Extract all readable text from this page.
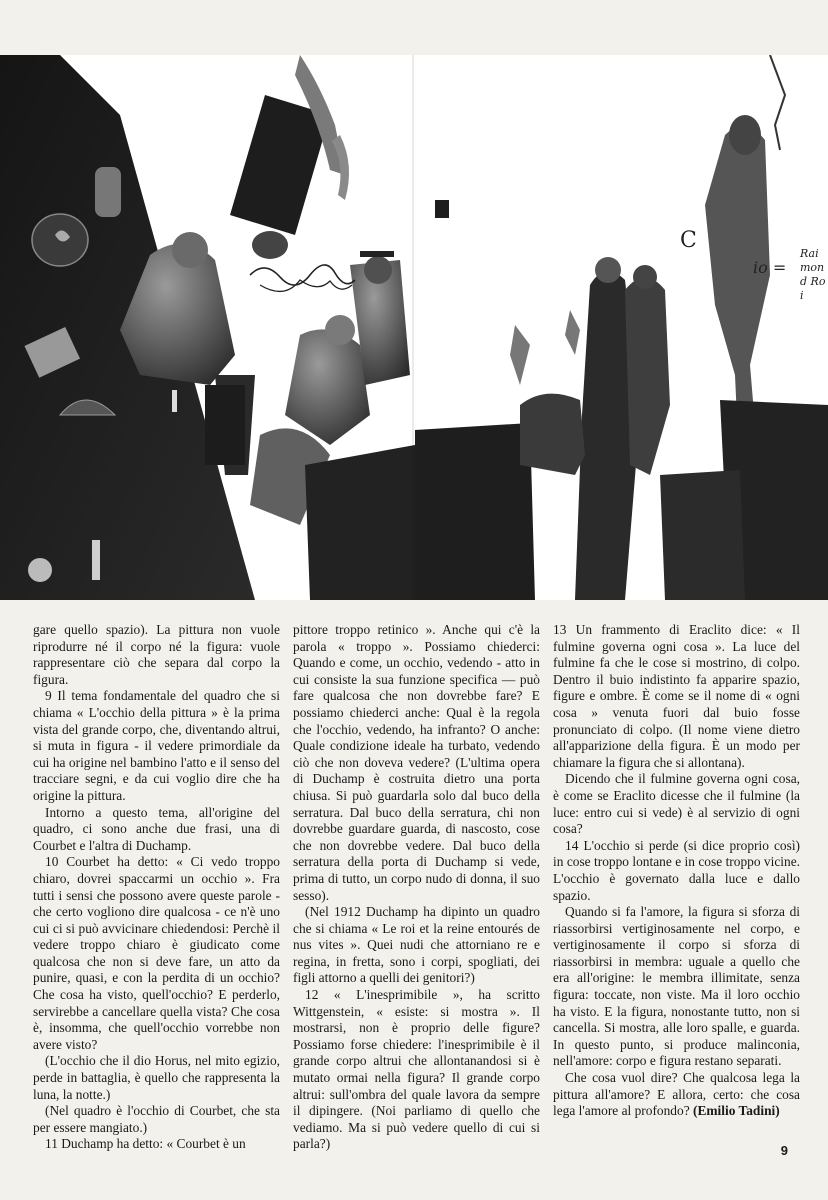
C
io =
Raimond Roi

gare quello spazio). La pittura non vuole riprodurre né il corpo né la figura: vuole rappresentare ciò che separa dal corpo la figura.

9 Il tema fondamentale del quadro che si chiama « L'occhio della pittura » è la prima vista del grande corpo, che, diventando altrui, si muta in figura - il vedere primordiale da cui ha origine nel bambino l'atto e il senso del tracciare segni, e da cui voglio dire che ha origine la pittura.

Intorno a questo tema, all'origine del quadro, ci sono anche due frasi, una di Courbet e l'altra di Duchamp.

10 Courbet ha detto: « Ci vedo troppo chiaro, dovrei spaccarmi un occhio ». Fra tutti i sensi che possono avere queste parole - che certo vogliono dire qualcosa - ce n'è uno cui ci si può avvicinare chiedendosi: Perchè il vedere troppo chiaro è giudicato come qualcosa che non si deve fare, un atto da punire, quasi, e con la perdita di un occhio? Che cosa ha visto, quell'occhio? E perderlo, servirebbe a cancellare quella vista? Che cosa è, insomma, che quell'occhio vorrebbe non avere visto?

(L'occhio che il dio Horus, nel mito egizio, perde in battaglia, è quello che rappresenta la luna, la notte.)

(Nel quadro è l'occhio di Courbet, che sta per essere mangiato.)

11 Duchamp ha detto: « Courbet è un

pittore troppo retinico ». Anche qui c'è la parola « troppo ». Possiamo chiederci: Quando e come, un occhio, vedendo - atto in cui consiste la sua funzione specifica — può fare qualcosa che non dovrebbe fare? E possiamo chiederci anche: Qual è la regola che l'occhio, vedendo, ha infranto? O anche: Quale condizione ideale ha turbato, vedendo ciò che non doveva vedere? (L'ultima opera di Duchamp è costruita dietro una porta chiusa. Si può guardarla solo dal buco della serratura. Dal buco della serratura, chi non dovrebbe guardare guarda, di nascosto, cose che non dovrebbe vedere. Dal buco della serratura della porta di Duchamp si vede, prima di tutto, un corpo nudo di donna, il suo sesso).

(Nel 1912 Duchamp ha dipinto un quadro che si chiama « Le roi et la reine entourés de nus vites ». Quei nudi che attorniano re e regina, in fretta, sono i corpi, spogliati, dei figli attorno a quelli dei genitori?)

12 « L'inesprimibile », ha scritto Wittgenstein, « esiste: si mostra ». Il mostrarsi, non è proprio delle figure? Possiamo forse chiedere: l'inesprimibile è il grande corpo altrui che allontanandosi si è mutato ormai nella figura? Il grande corpo altrui: sull'ombra del quale lavora da sempre il dipingere. (Noi parliamo di quello che vediamo. Ma si può vedere quello di cui si parla?)

13 Un frammento di Eraclito dice: « Il fulmine governa ogni cosa ». La luce del fulmine fa che le cose si mostrino, di colpo. Dentro il buio indistinto fa apparire spazio, figure e ombre. È come se il nome di « ogni cosa » venuta fuori dal buio fosse pronunciato di colpo. (Il nome viene dietro all'apparizione della figura. È un modo per chiamare la figura che si allontana).

Dicendo che il fulmine governa ogni cosa, è come se Eraclito dicesse che il fulmine (la luce: entro cui si vede) è al servizio di ogni cosa?

14 L'occhio si perde (si dice proprio così) in cose troppo lontane e in cose troppo vicine. L'occhio è governato dalla luce e dallo spazio.

Quando si fa l'amore, la figura si sforza di riassorbirsi vertiginosamente nel corpo, e vertiginosamente il corpo si sforza di riassorbirsi in membra: uguale a quello che era all'origine: le membra illimitate, senza figura: toccate, non viste. Ma il loro occhio ha visto. E la figura, nonostante tutto, non si cancella. Si mostra, alle loro spalle, e guarda. In questo punto, si produce malinconia, nell'amore: corpo e figura restano separati.

Che cosa vuol dire? Che qualcosa lega la pittura all'amore? E allora, certo: che cosa lega l'amore al profondo? (Emilio Tadini)

9
